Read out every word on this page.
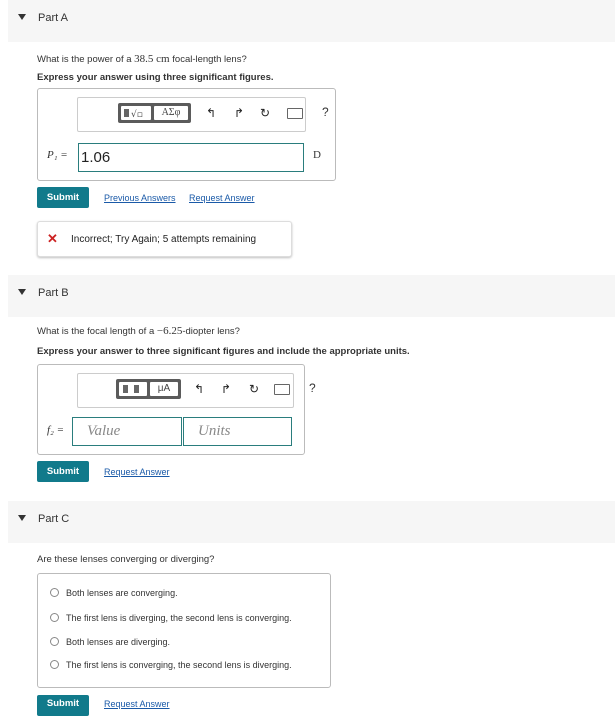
Part A
What is the power of a 38.5 cm focal-length lens?
Express your answer using three significant figures.
√▫	ΑΣφ	↰ ↱ ↻	?
P₁ = 1.06	D
Submit	Previous Answers Request Answer
✕ Incorrect; Try Again; 5 attempts remaining
Part B
What is the focal length of a −6.25-diopter lens?
Express your answer to three significant figures and include the appropriate units.
μA	↰ ↱ ↻	?
f₂ = Value	Units
Submit	Request Answer
Part C
Are these lenses converging or diverging?
Both lenses are converging.
The first lens is diverging, the second lens is converging.
Both lenses are diverging.
The first lens is converging, the second lens is diverging.
Submit	Request Answer
